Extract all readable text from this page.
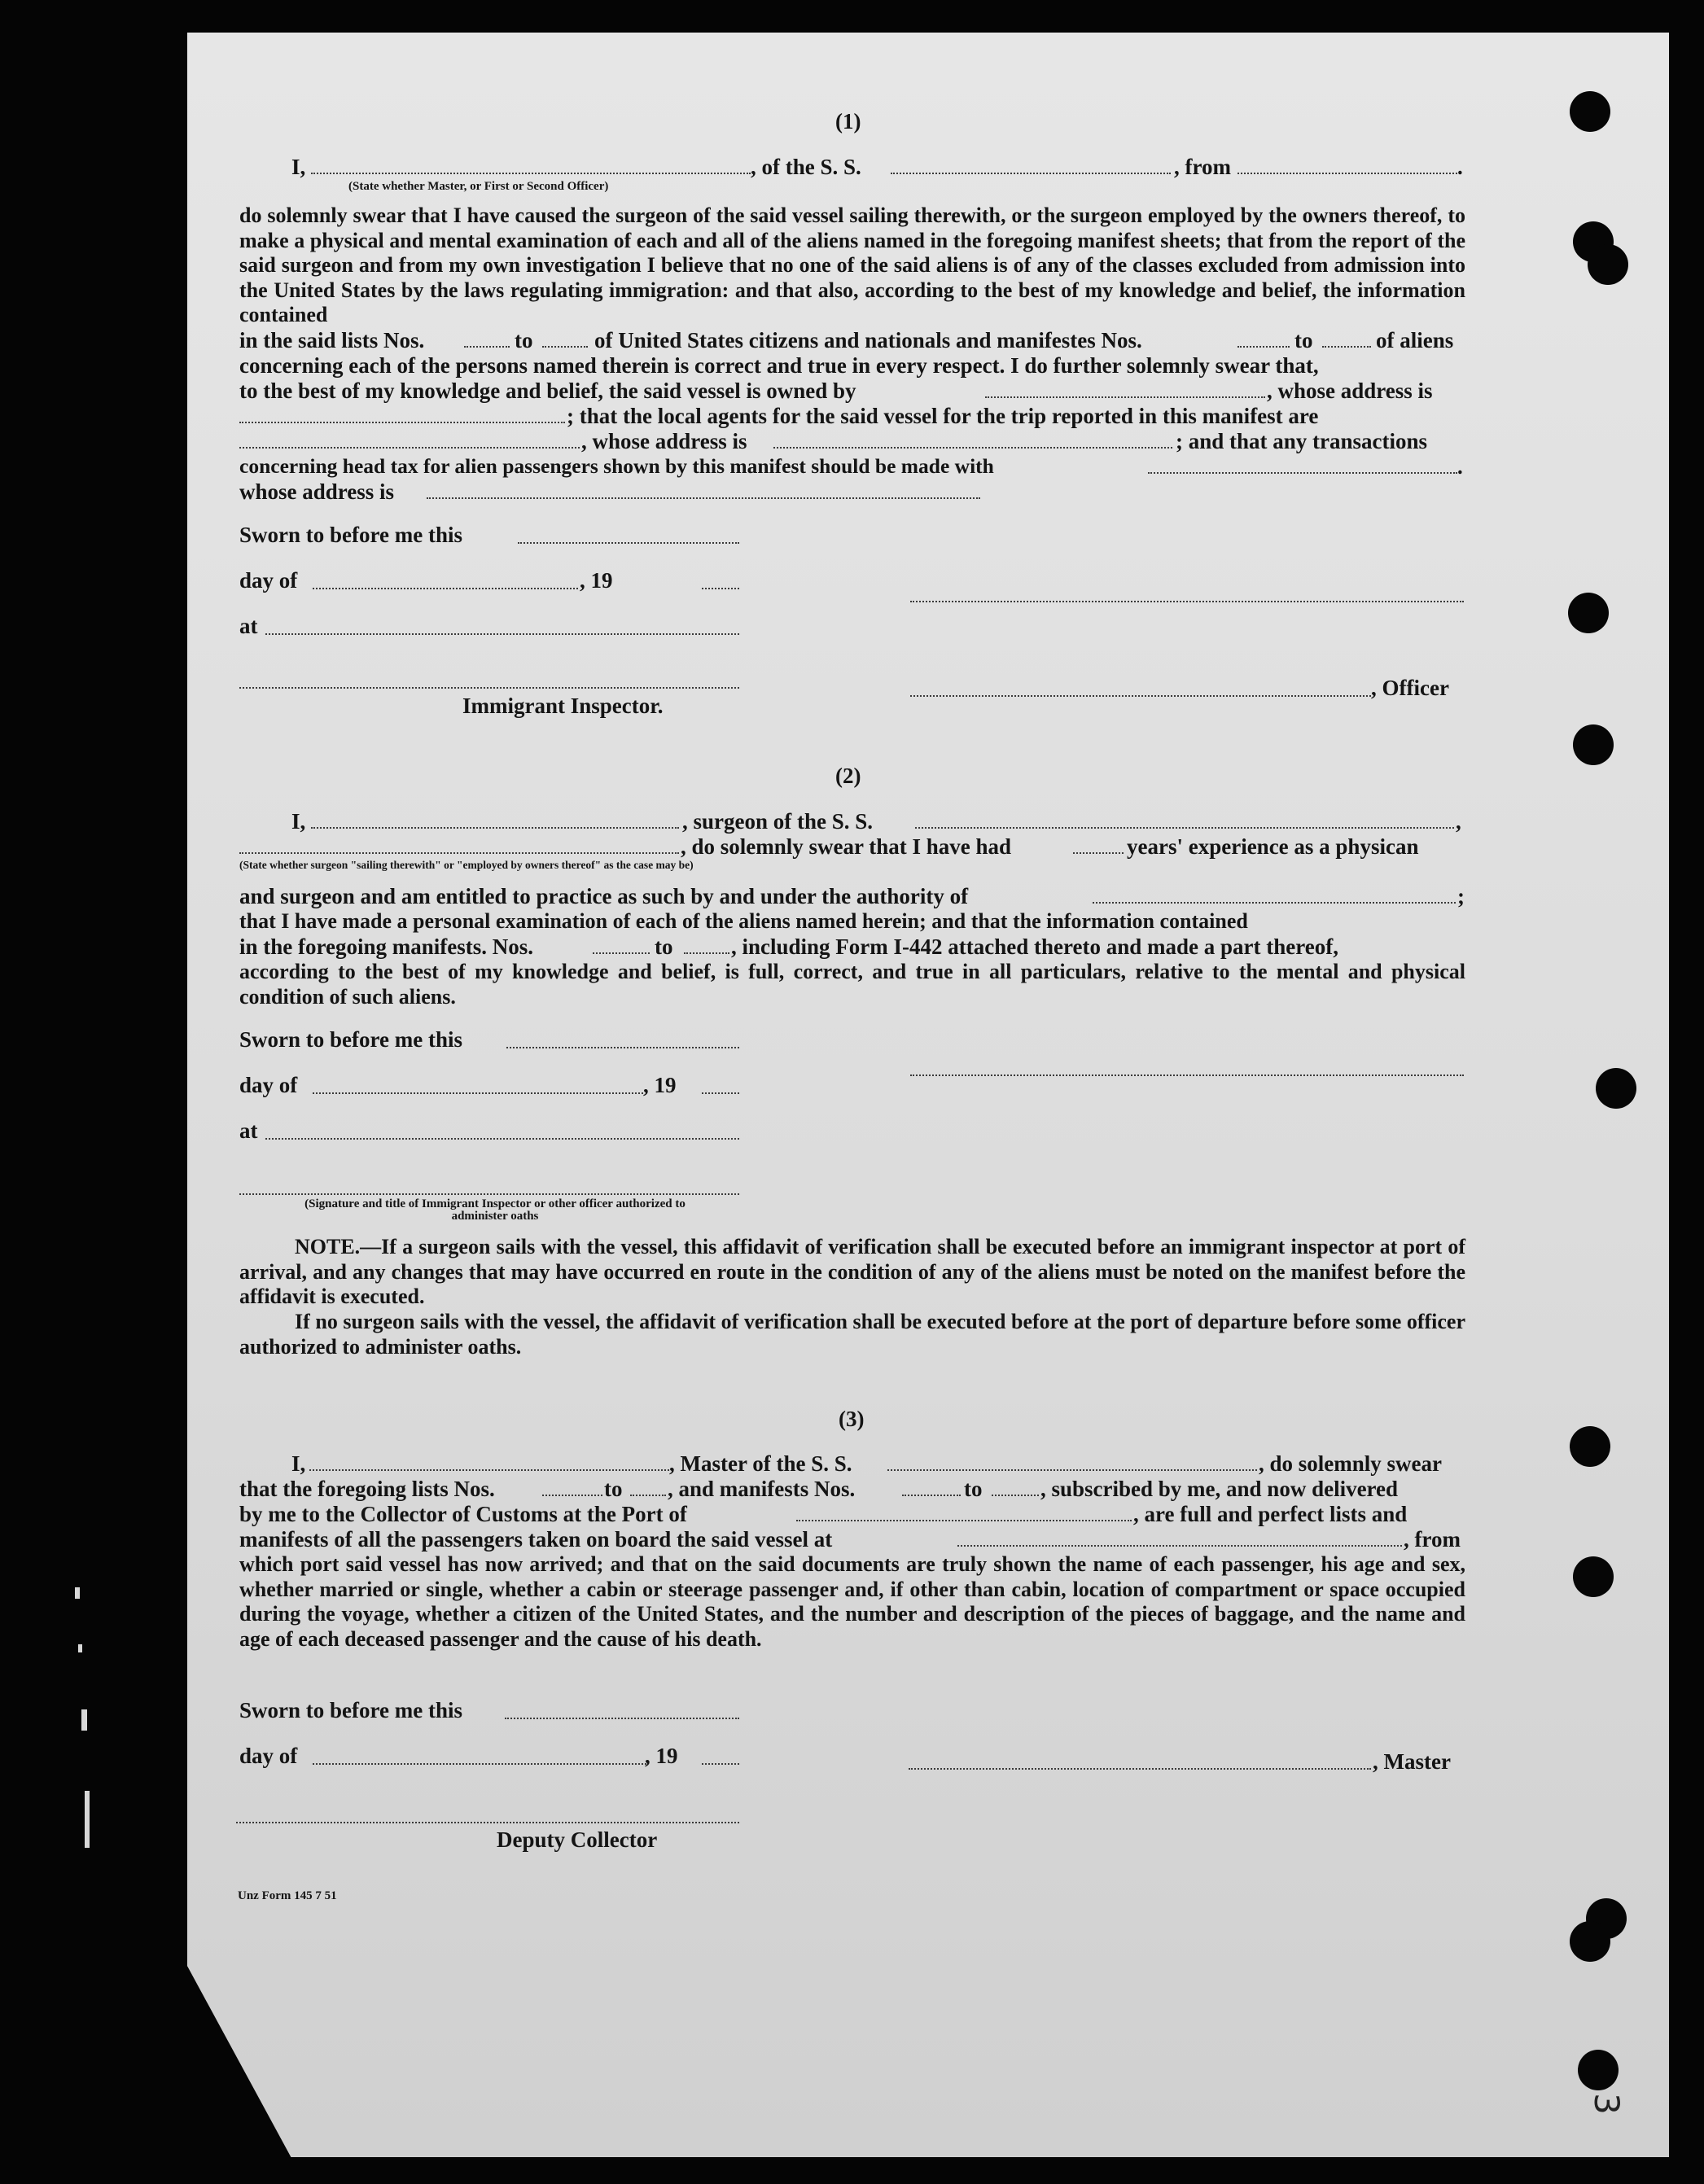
(1)
I,	, of the S. S.	, from	.
(State whether Master, or First or Second Officer)
do solemnly swear that I have caused the surgeon of the said vessel sailing therewith, or the surgeon employed by the owners thereof, to make a physical and mental examination of each and all of the aliens named in the foregoing manifest sheets; that from the report of the said surgeon and from my own investigation I believe that no one of the said aliens is of any of the classes excluded from admission into the United States by the laws regulating immigration: and that also, according to the best of my knowledge and belief, the information contained
in the said lists Nos.	to	of United States citizens and nationals and manifestes Nos.	to	of aliens
concerning each of the persons named therein is correct and true in every respect. I do further solemnly swear that,
to the best of my knowledge and belief, the said vessel is owned by	, whose address is
; that the local agents for the said vessel for the trip reported in this manifest are
, whose address is	; and that any transactions
concerning head tax for alien passengers shown by this manifest should be made with	.
whose address is
Sworn to before me this
day of	, 19
at
, Officer
Immigrant Inspector.
(2)
I,	, surgeon of the S. S.	,
, do solemnly swear that I have had	years' experience as a physican
(State whether surgeon "sailing therewith" or "employed by owners thereof" as the case may be)
and surgeon and am entitled to practice as such by and under the authority of	;
that I have made a personal examination of each of the aliens named herein; and that the information contained
in the foregoing manifests. Nos.	to	, including Form I-442 attached thereto and made a part thereof,
according to the best of my knowledge and belief, is full, correct, and true in all particulars, relative to the mental and physical condition of such aliens.
Sworn to before me this
day of	, 19
at
(Signature and title of Immigrant Inspector or other officer authorized to administer oaths
NOTE.—If a surgeon sails with the vessel, this affidavit of verification shall be executed before an immigrant inspector at port of arrival, and any changes that may have occurred en route in the condition of any of the aliens must be noted on the manifest before the affidavit is executed.
If no surgeon sails with the vessel, the affidavit of verification shall be executed before at the port of departure before some officer authorized to administer oaths.
(3)
I,	, Master of the S. S.	, do solemnly swear
that the foregoing lists Nos.	to , and manifests Nos.	to	, subscribed by me, and now delivered
by me to the Collector of Customs at the Port of	, are full and perfect lists and
manifests of all the passengers taken on board the said vessel at	, from
which port said vessel has now arrived; and that on the said documents are truly shown the name of each passenger, his age and sex, whether married or single, whether a cabin or steerage passenger and, if other than cabin, location of compartment or space occupied during the voyage, whether a citizen of the United States, and the number and description of the pieces of baggage, and the name and age of each deceased passenger and the cause of his death.
Sworn to before me this
day of	, 19	, Master
Deputy Collector
Unz Form 145 7 51
3
